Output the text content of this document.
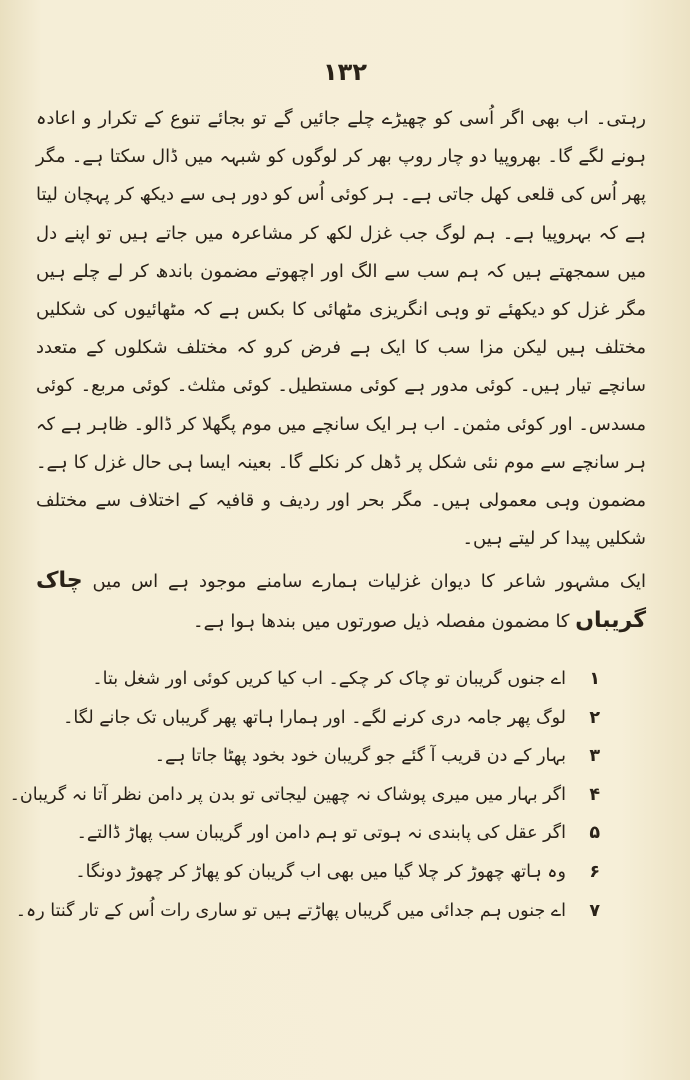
۱۳۲

رہتی۔ اب بھی اگر اُسی کو چھیڑے چلے جائیں گے تو بجائے تنوع کے تکرار و اعادہ ہونے لگے گا۔ بھروپیا دو چار روپ بھر کر لوگوں کو شبہہ میں ڈال سکتا ہے۔ مگر پھر اُس کی قلعی کھل جاتی ہے۔ ہر کوئی اُس کو دور ہی سے دیکھ کر پہچان لیتا ہے کہ بہروپیا ہے۔ ہم لوگ جب غزل لکھ کر مشاعرہ میں جاتے ہیں تو اپنے دل میں سمجھتے ہیں کہ ہم سب سے الگ اور اچھوتے مضمون باندھ کر لے چلے ہیں مگر غزل کو دیکھئے تو وہی انگریزی مٹھائی کا بکس ہے کہ مٹھائیوں کی شکلیں مختلف ہیں لیکن مزا سب کا ایک ہے فرض کرو کہ مختلف شکلوں کے متعدد سانچے تیار ہیں۔ کوئی مدور ہے کوئی مستطیل۔ کوئی مثلث۔ کوئی مربع۔ کوئی مسدس۔ اور کوئی مثمن۔ اب ہر ایک سانچے میں موم پگھلا کر ڈالو۔ ظاہر ہے کہ ہر سانچے سے موم نئی شکل پر ڈھل کر نکلے گا۔ بعینہ ایسا ہی حال غزل کا ہے۔ مضمون وہی معمولی ہیں۔ مگر بحر اور ردیف و قافیہ کے اختلاف سے مختلف شکلیں پیدا کر لیتے ہیں۔

ایک مشہور شاعر کا دیوان غزلیات ہمارے سامنے موجود ہے اس میں چاک گریباں کا مضمون مفصلہ ذیل صورتوں میں بندھا ہوا ہے۔

۱اے جنوں گریبان تو چاک کر چکے۔ اب کیا کریں کوئی اور شغل بتا۔
۲لوگ پھر جامہ دری کرنے لگے۔ اور ہمارا ہاتھ پھر گریباں تک جانے لگا۔
۳بہار کے دن قریب آ گئے جو گریبان خود بخود پھٹا جاتا ہے۔
۴اگر بہار میں میری پوشاک نہ چھین لیجاتی تو بدن پر دامن نظر آتا نہ گریبان۔
۵اگر عقل کی پابندی نہ ہوتی تو ہم دامن اور گریبان سب پھاڑ ڈالتے۔
۶وہ ہاتھ چھوڑ کر چلا گیا میں بھی اب گریبان کو پھاڑ کر چھوڑ دونگا۔
۷اے جنوں ہم جدائی میں گریباں پھاڑتے ہیں تو ساری رات اُس کے تار گنتا رہ۔
